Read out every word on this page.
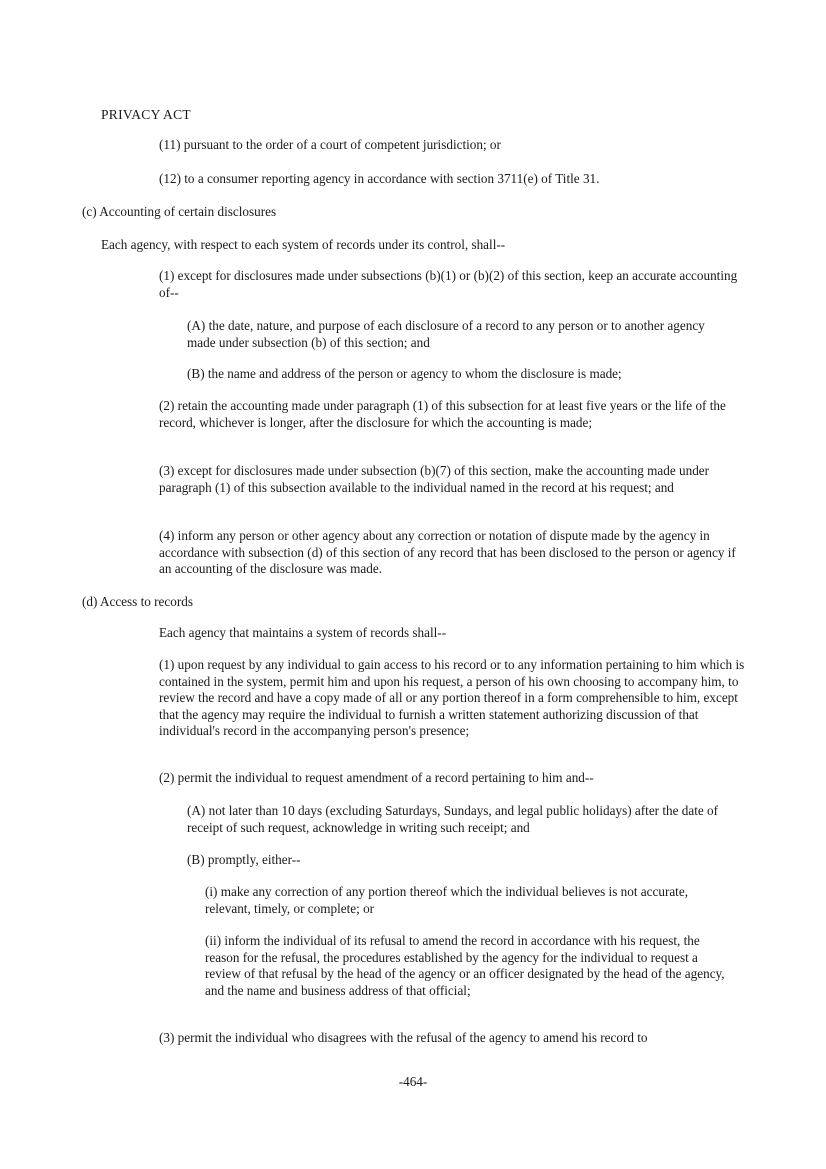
PRIVACY ACT

(11) pursuant to the order of a court of competent jurisdiction; or

(12) to a consumer reporting agency in accordance with section 3711(e) of Title 31.

(c) Accounting of certain disclosures

Each agency, with respect to each system of records under its control, shall--

(1) except for disclosures made under subsections (b)(1) or (b)(2) of this section, keep an accurate accounting of--

(A) the date, nature, and purpose of each disclosure of a record to any person or to another agency made under subsection (b) of this section; and

(B) the name and address of the person or agency to whom the disclosure is made;

(2) retain the accounting made under paragraph (1) of this subsection for at least five years or the life of the record, whichever is longer, after the disclosure for which the accounting is made;

(3) except for disclosures made under subsection (b)(7) of this section, make the accounting made under paragraph (1) of this subsection available to the individual named in the record at his request; and

(4) inform any person or other agency about any correction or notation of dispute made by the agency in accordance with subsection (d) of this section of any record that has been disclosed to the person or agency if an accounting of the disclosure was made.

(d) Access to records

Each agency that maintains a system of records shall--

(1) upon request by any individual to gain access to his record or to any information pertaining to him which is contained in the system, permit him and upon his request, a person of his own choosing to accompany him, to review the record and have a copy made of all or any portion thereof in a form comprehensible to him, except that the agency may require the individual to furnish a written statement authorizing discussion of that individual's record in the accompanying person's presence;

(2) permit the individual to request amendment of a record pertaining to him and--

(A) not later than 10 days (excluding Saturdays, Sundays, and legal public holidays) after the date of receipt of such request, acknowledge in writing such receipt; and

(B) promptly, either--

(i) make any correction of any portion thereof which the individual believes is not accurate, relevant, timely, or complete; or

(ii) inform the individual of its refusal to amend the record in accordance with his request, the reason for the refusal, the procedures established by the agency for the individual to request a review of that refusal by the head of the agency or an officer designated by the head of the agency, and the name and business address of that official;

(3) permit the individual who disagrees with the refusal of the agency to amend his record to

-464-
